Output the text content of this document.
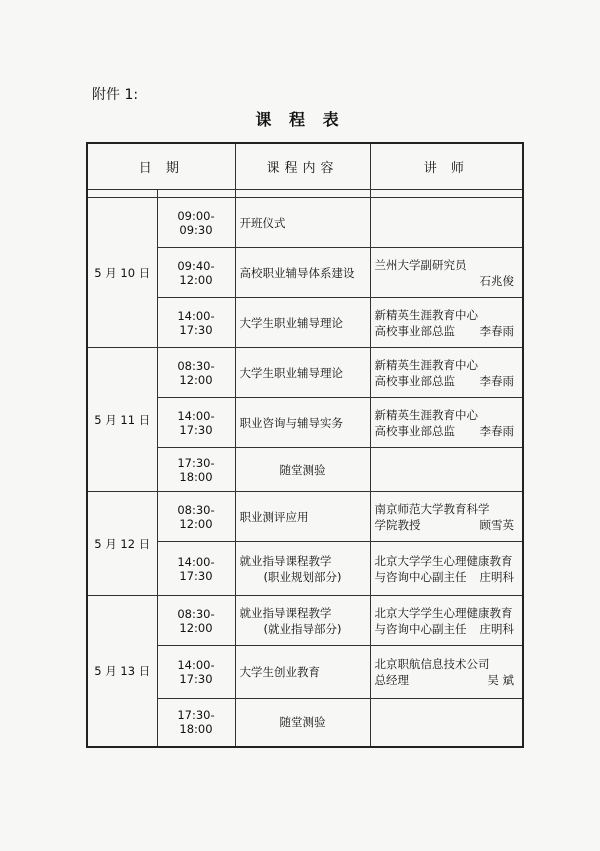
附件 1:
课 程 表
日 期		课程内容	讲 师

5 月 10 日	09:00-09:30	开班仪式	
	09:40-12:00	高校职业辅导体系建设	兰州大学副研究员
石兆俊

	14:00-17:30	大学生职业辅导理论	新精英生涯教育中心
高校事业部总监 李春雨

5 月 11 日	08:30-12:00	大学生职业辅导理论	新精英生涯教育中心
高校事业部总监 李春雨

	14:00-17:30	职业咨询与辅导实务	新精英生涯教育中心
高校事业部总监 李春雨

	17:30-18:00	随堂测验	
5 月 12 日	08:30-12:00	职业测评应用	南京师范大学教育科学
学院教授 顾雪英

	14:00-17:30	就业指导课程教学
(职业规划部分)	北京大学学生心理健康教育
与咨询中心副主任 庄明科

5 月 13 日	08:30-12:00	就业指导课程教学
(就业指导部分)	北京大学学生心理健康教育
与咨询中心副主任 庄明科

	14:00-17:30	大学生创业教育	北京职航信息技术公司
总经理 吴 斌

	17:30-18:00	随堂测验	
